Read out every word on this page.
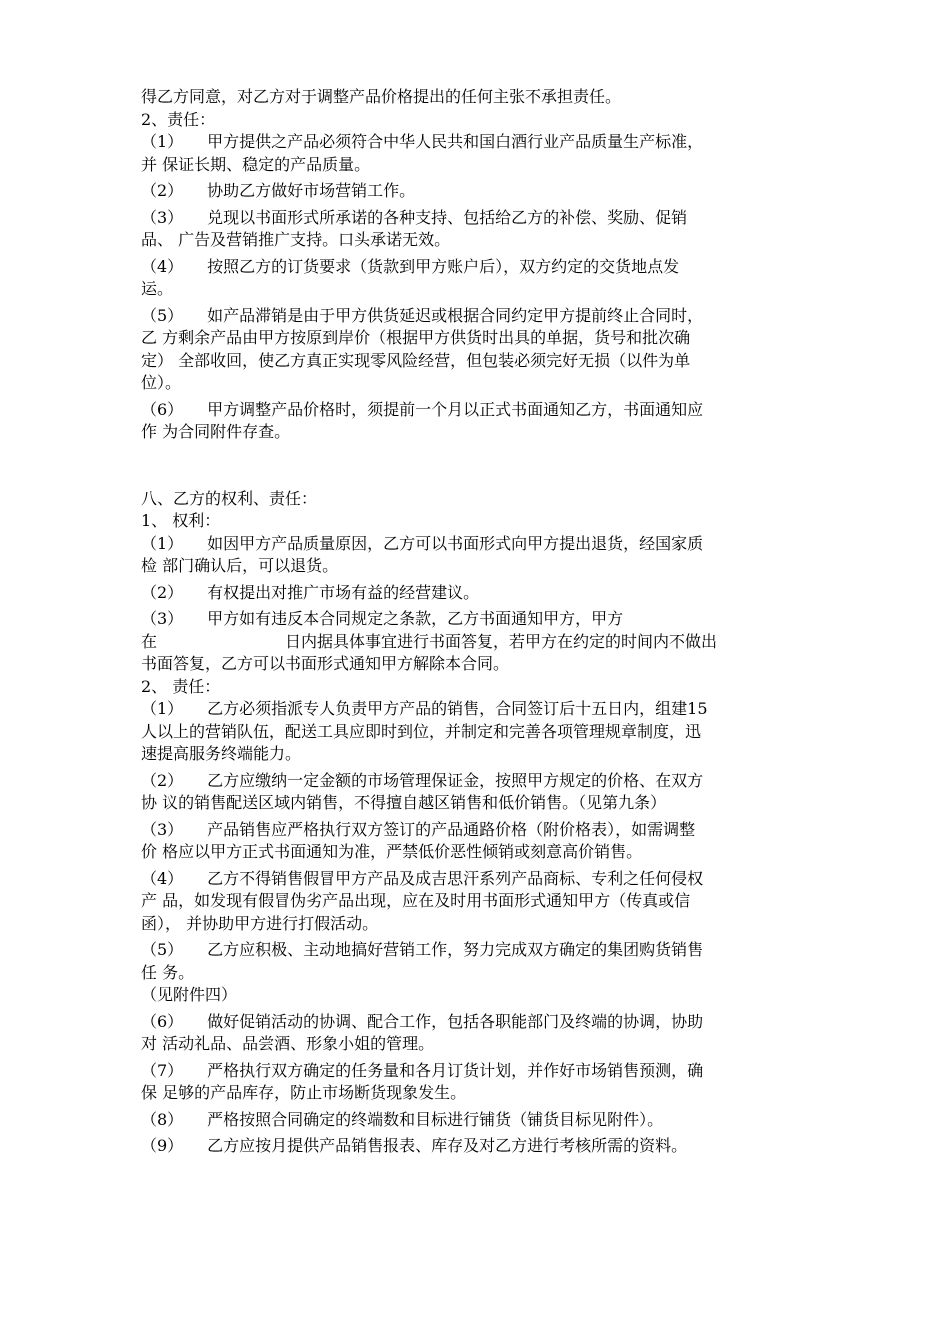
得乙方同意，对乙方对于调整产品价格提出的任何主张不承担责任。
2、责任：
（1）　　甲方提供之产品必须符合中华人民共和国白酒行业产品质量生产标准，
并 保证长期、稳定的产品质量。
（2）　　协助乙方做好市场营销工作。
（3）　　兑现以书面形式所承诺的各种支持、包括给乙方的补偿、奖励、促销
品、 广告及营销推广支持。口头承诺无效。
（4）　　按照乙方的订货要求（货款到甲方账户后），双方约定的交货地点发
运。
（5）　　如产品滞销是由于甲方供货延迟或根据合同约定甲方提前终止合同时，
乙 方剩余产品由甲方按原到岸价（根据甲方供货时出具的单据，货号和批次确
定） 全部收回，使乙方真正实现零风险经营，但包装必须完好无损（以件为单
位）。
（6）　　甲方调整产品价格时，须提前一个月以正式书面通知乙方，书面通知应
作 为合同附件存查。
八、乙方的权利、责任：
1、 权利：
（1）　　如因甲方产品质量原因，乙方可以书面形式向甲方提出退货，经国家质
检 部门确认后，可以退货。
（2）　　有权提出对推广市场有益的经营建议。
（3）　　甲方如有违反本合同规定之条款，乙方书面通知甲方，甲方
在　　　　　　　　日内据具体事宜进行书面答复，若甲方在约定的时间内不做出
书面答复，乙方可以书面形式通知甲方解除本合同。
2、 责任：
（1）　　乙方必须指派专人负责甲方产品的销售，合同签订后十五日内，组建15
人以上的营销队伍，配送工具应即时到位，并制定和完善各项管理规章制度，迅
速提高服务终端能力。
（2）　　乙方应缴纳一定金额的市场管理保证金，按照甲方规定的价格、在双方
协 议的销售配送区域内销售，不得擅自越区销售和低价销售。（见第九条）
（3）　　产品销售应严格执行双方签订的产品通路价格（附价格表），如需调整
价 格应以甲方正式书面通知为准，严禁低价恶性倾销或刻意高价销售。
（4）　　乙方不得销售假冒甲方产品及成吉思汗系列产品商标、专利之任何侵权
产 品，如发现有假冒伪劣产品出现，应在及时用书面形式通知甲方（传真或信
函）， 并协助甲方进行打假活动。
（5）　　乙方应积极、主动地搞好营销工作，努力完成双方确定的集团购货销售
任 务。
（见附件四）
（6）　　做好促销活动的协调、配合工作，包括各职能部门及终端的协调，协助
对 活动礼品、品尝酒、形象小姐的管理。
（7）　　严格执行双方确定的任务量和各月订货计划，并作好市场销售预测，确
保 足够的产品库存，防止市场断货现象发生。
（8）　　严格按照合同确定的终端数和目标进行铺货（铺货目标见附件）。
（9）　　乙方应按月提供产品销售报表、库存及对乙方进行考核所需的资料。
